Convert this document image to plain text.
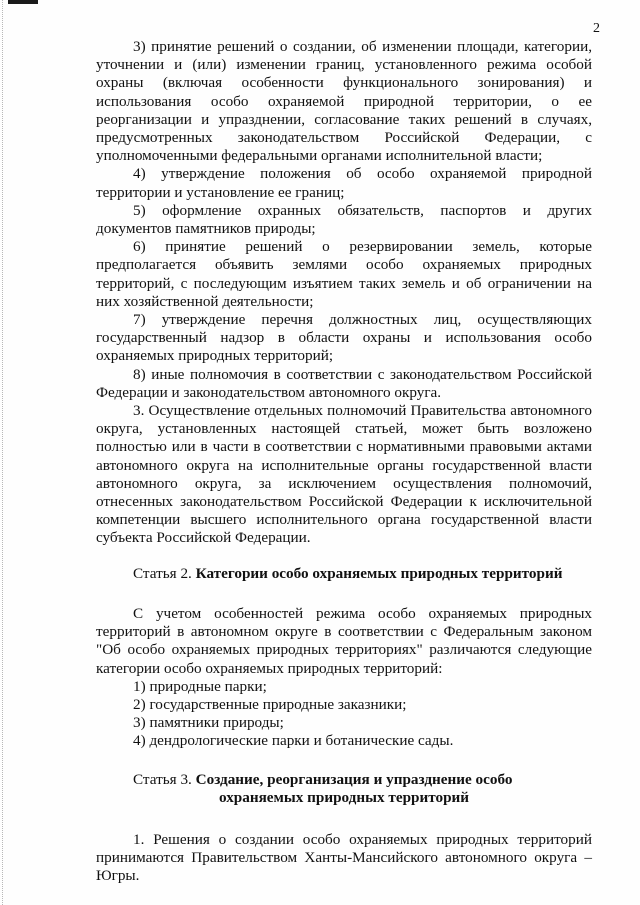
2

3) принятие решений о создании, об изменении площади, категории, уточнении и (или) изменении границ, установленного режима особой охраны (включая особенности функционального зонирования) и использования особо охраняемой природной территории, о ее реорганизации и упразднении, согласование таких решений в случаях, предусмотренных законодательством Российской Федерации, с уполномоченными федеральными органами исполнительной власти;

4) утверждение положения об особо охраняемой природной территории и установление ее границ;

5) оформление охранных обязательств, паспортов и других документов памятников природы;

6) принятие решений о резервировании земель, которые предполагается объявить землями особо охраняемых природных территорий, с последующим изъятием таких земель и об ограничении на них хозяйственной деятельности;

7) утверждение перечня должностных лиц, осуществляющих государственный надзор в области охраны и использования особо охраняемых природных территорий;

8) иные полномочия в соответствии с законодательством Российской Федерации и законодательством автономного округа.

3. Осуществление отдельных полномочий Правительства автономного округа, установленных настоящей статьей, может быть возложено полностью или в части в соответствии с нормативными правовыми актами автономного округа на исполнительные органы государственной власти автономного округа, за исключением осуществления полномочий, отнесенных законодательством Российской Федерации к исключительной компетенции высшего исполнительного органа государственной власти субъекта Российской Федерации.

Статья 2. Категории особо охраняемых природных территорий

С учетом особенностей режима особо охраняемых природных территорий в автономном округе в соответствии с Федеральным законом "Об особо охраняемых природных территориях" различаются следующие категории особо охраняемых природных территорий:

1) природные парки;

2) государственные природные заказники;

3) памятники природы;

4) дендрологические парки и ботанические сады.

Статья 3. Создание, реорганизация и упразднение особо

охраняемых природных территорий

1. Решения о создании особо охраняемых природных территорий принимаются Правительством Ханты-Мансийского автономного округа – Югры.
